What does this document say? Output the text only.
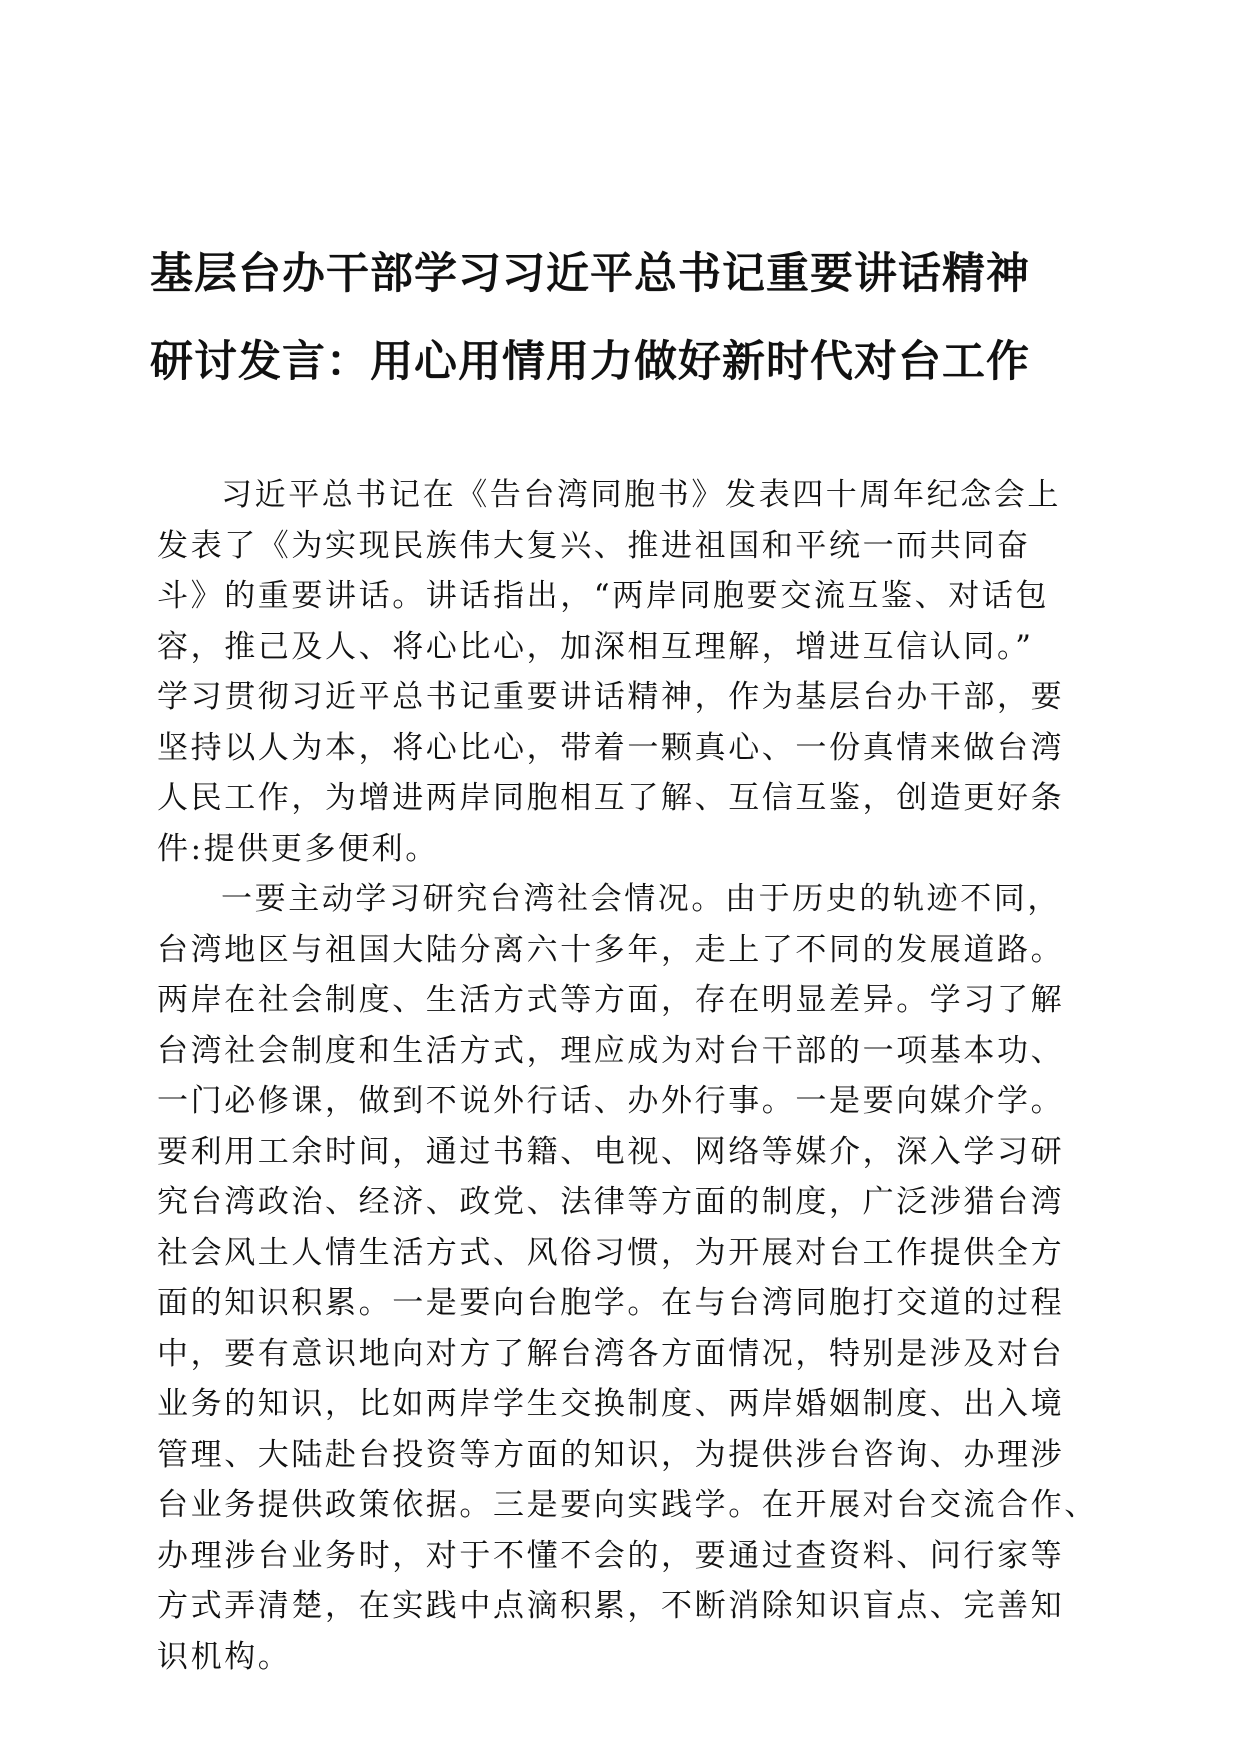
基层台办干部学习习近平总书记重要讲话精神
研讨发言：用心用情用力做好新时代对台工作

习近平总书记在《告台湾同胞书》发表四十周年纪念会上
发表了《为实现民族伟大复兴、推进祖国和平统一而共同奋
斗》的重要讲话。讲话指出，“两岸同胞要交流互鉴、对话包
容，推己及人、将心比心，加深相互理解，增进互信认同。”
学习贯彻习近平总书记重要讲话精神，作为基层台办干部，要
坚持以人为本，将心比心，带着一颗真心、一份真情来做台湾
人民工作，为增进两岸同胞相互了解、互信互鉴，创造更好条
件:提供更多便利。

一要主动学习研究台湾社会情况。由于历史的轨迹不同，
台湾地区与祖国大陆分离六十多年，走上了不同的发展道路。
两岸在社会制度、生活方式等方面，存在明显差异。学习了解
台湾社会制度和生活方式，理应成为对台干部的一项基本功、
一门必修课，做到不说外行话、办外行事。一是要向媒介学。
要利用工余时间，通过书籍、电视、网络等媒介，深入学习研
究台湾政治、经济、政党、法律等方面的制度，广泛涉猎台湾
社会风土人情生活方式、风俗习惯，为开展对台工作提供全方
面的知识积累。一是要向台胞学。在与台湾同胞打交道的过程
中，要有意识地向对方了解台湾各方面情况，特别是涉及对台
业务的知识，比如两岸学生交换制度、两岸婚姻制度、出入境
管理、大陆赴台投资等方面的知识，为提供涉台咨询、办理涉
台业务提供政策依据。三是要向实践学。在开展对台交流合作、
办理涉台业务时，对于不懂不会的，要通过查资料、问行家等
方式弄清楚，在实践中点滴积累，不断消除知识盲点、完善知
识机构。
